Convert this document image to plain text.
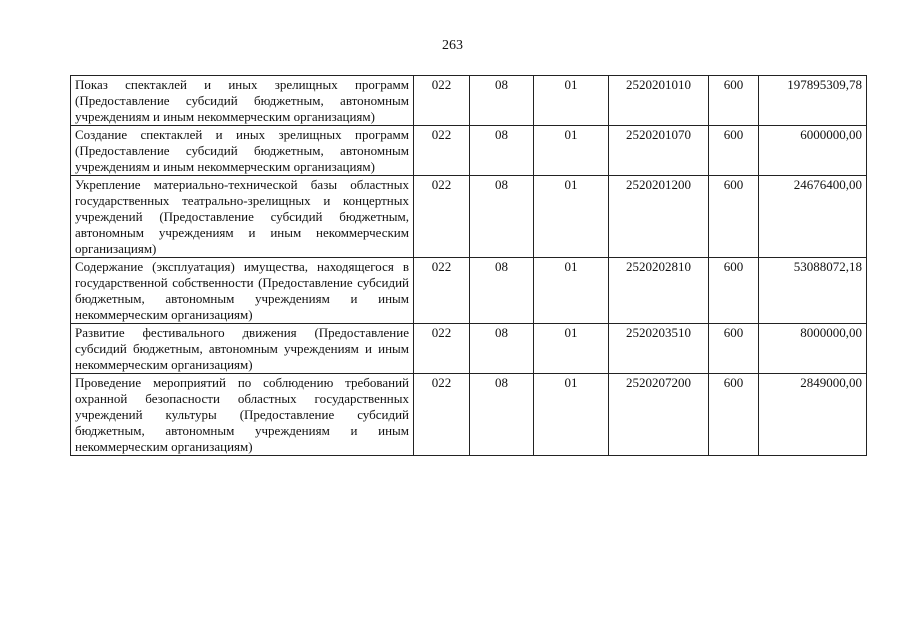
263
Показ спектаклей и иных зрелищных программ (Предоставление субсидий бюджетным, автономным учреждениям и иным некоммерческим организациям)	022	08	01	2520201010	600	197895309,78
Создание спектаклей и иных зрелищных программ (Предоставление субсидий бюджетным, автономным учреждениям и иным некоммерческим организациям)	022	08	01	2520201070	600	6000000,00
Укрепление материально-технической базы областных государственных театрально-зрелищных и концертных учреждений (Предоставление субсидий бюджетным, автономным учреждениям и иным некоммерческим организациям)	022	08	01	2520201200	600	24676400,00
Содержание (эксплуатация) имущества, находящегося в государственной собственности (Предоставление субсидий бюджетным, автономным учреждениям и иным некоммерческим организациям)	022	08	01	2520202810	600	53088072,18
Развитие фестивального движения (Предоставление субсидий бюджетным, автономным учреждениям и иным некоммерческим организациям)	022	08	01	2520203510	600	8000000,00
Проведение мероприятий по соблюдению требований охранной безопасности областных государственных учреждений культуры (Предоставление субсидий бюджетным, автономным учреждениям и иным некоммерческим организациям)	022	08	01	2520207200	600	2849000,00
